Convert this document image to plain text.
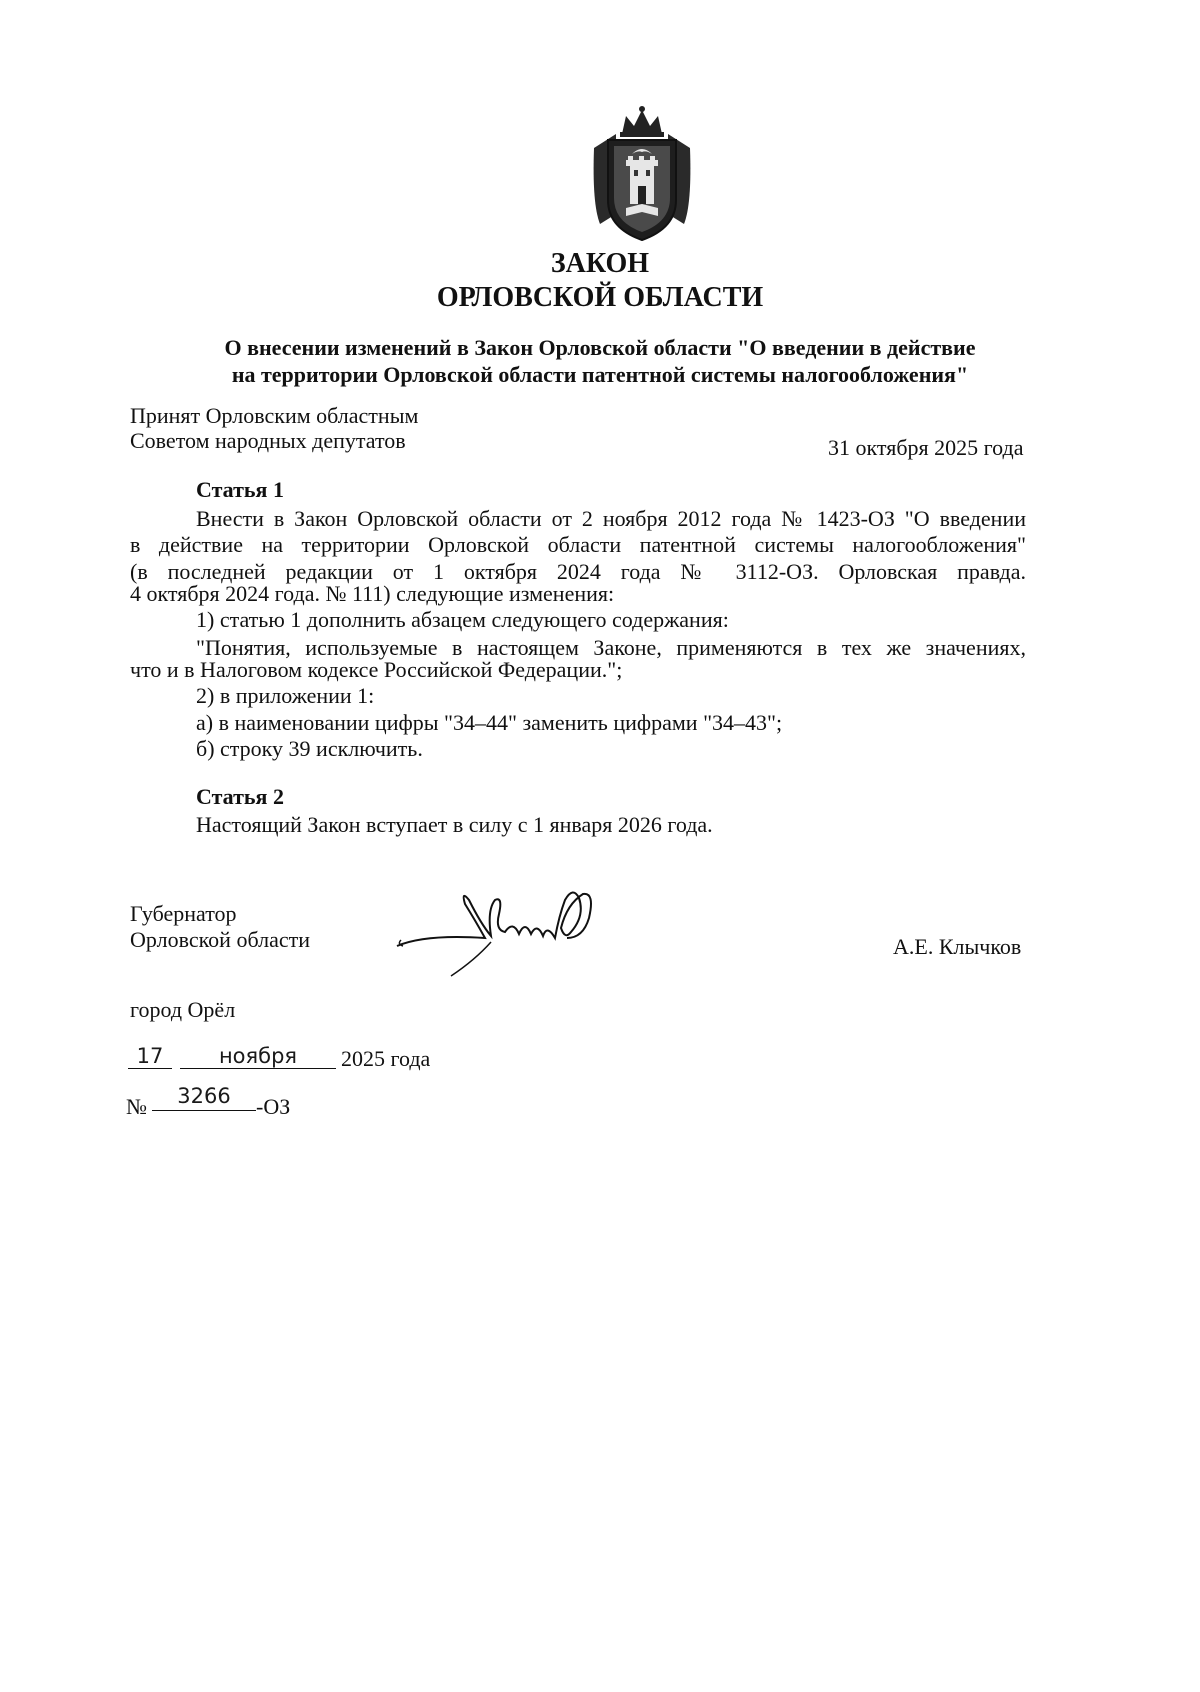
ЗАКОН
ОРЛОВСКОЙ ОБЛАСТИ
О внесении изменений в Закон Орловской области "О введении в действие
на территории Орловской области патентной системы налогообложения"
Принят Орловским областным
Советом народных депутатов	31 октября 2025 года
Статья 1
Внести в Закон Орловской области от 2 ноября 2012 года № 1423-ОЗ "О введении
в действие на территории Орловской области патентной системы налогообложения"
(в последней редакции от 1 октября 2024 года № 3112-ОЗ. Орловская правда.
4 октября 2024 года. № 111) следующие изменения:
1) статью 1 дополнить абзацем следующего содержания:
"Понятия, используемые в настоящем Законе, применяются в тех же значениях,
что и в Налоговом кодексе Российской Федерации.";
2) в приложении 1:
а) в наименовании цифры "34–44" заменить цифрами "34–43";
б) строку 39 исключить.
Статья 2
Настоящий Закон вступает в силу с 1 января 2026 года.
Губернатор
Орловской области	А.Е. Клычков
город Орёл
17	ноября	2025 года
№	3266	-ОЗ
